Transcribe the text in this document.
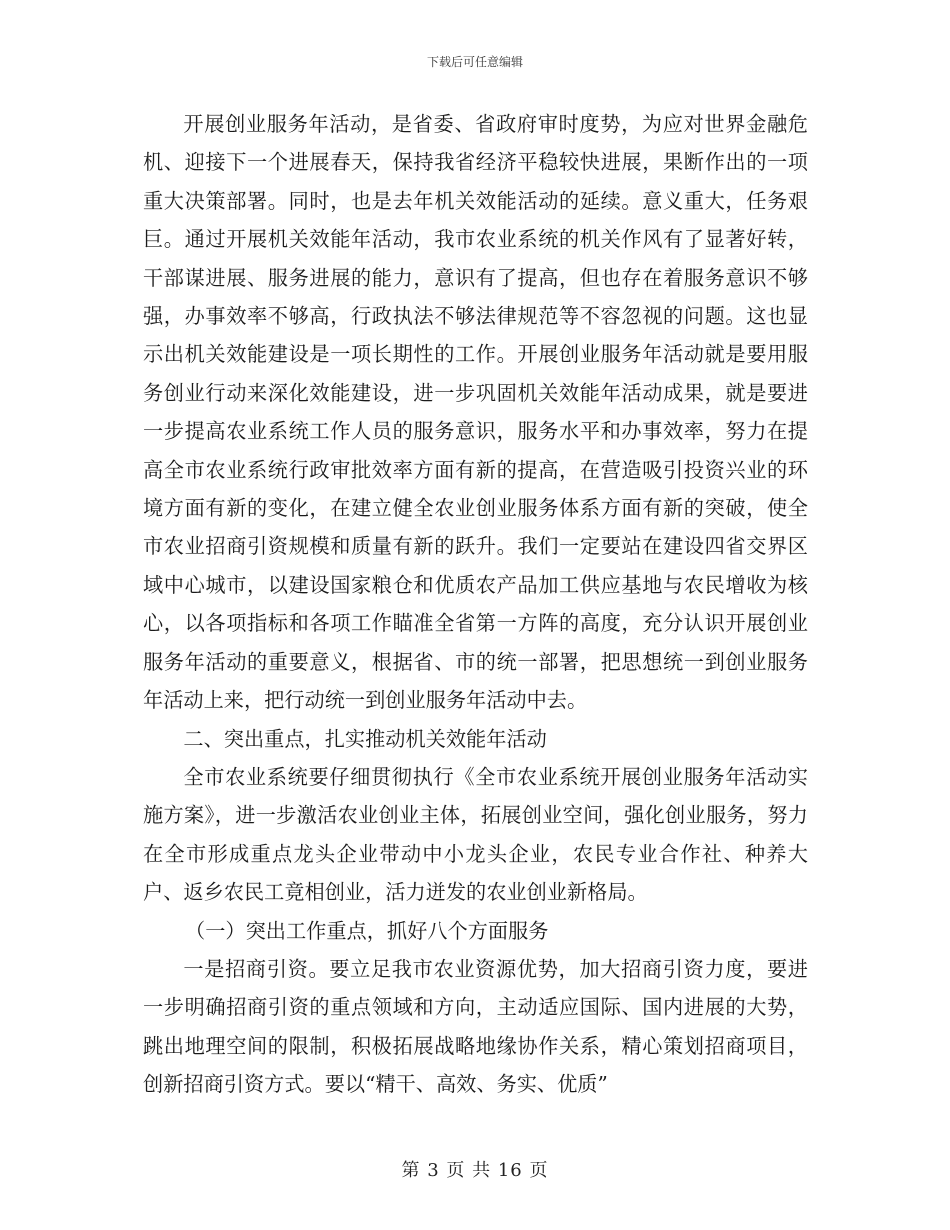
下载后可任意编辑

开展创业服务年活动，是省委、省政府审时度势，为应对世界金融危机、迎接下一个进展春天，保持我省经济平稳较快进展，果断作出的一项重大决策部署。同时，也是去年机关效能活动的延续。意义重大，任务艰巨。通过开展机关效能年活动，我市农业系统的机关作风有了显著好转，干部谋进展、服务进展的能力，意识有了提高，但也存在着服务意识不够强，办事效率不够高，行政执法不够法律规范等不容忽视的问题。这也显示出机关效能建设是一项长期性的工作。开展创业服务年活动就是要用服务创业行动来深化效能建设，进一步巩固机关效能年活动成果，就是要进一步提高农业系统工作人员的服务意识，服务水平和办事效率，努力在提高全市农业系统行政审批效率方面有新的提高，在营造吸引投资兴业的环境方面有新的变化，在建立健全农业创业服务体系方面有新的突破，使全市农业招商引资规模和质量有新的跃升。我们一定要站在建设四省交界区域中心城市，以建设国家粮仓和优质农产品加工供应基地与农民增收为核心，以各项指标和各项工作瞄准全省第一方阵的高度，充分认识开展创业服务年活动的重要意义，根据省、市的统一部署，把思想统一到创业服务年活动上来，把行动统一到创业服务年活动中去。

二、突出重点，扎实推动机关效能年活动

全市农业系统要仔细贯彻执行《全市农业系统开展创业服务年活动实施方案》，进一步激活农业创业主体，拓展创业空间，强化创业服务，努力在全市形成重点龙头企业带动中小龙头企业，农民专业合作社、种养大户、返乡农民工竟相创业，活力迸发的农业创业新格局。

（一）突出工作重点，抓好八个方面服务

一是招商引资。要立足我市农业资源优势，加大招商引资力度，要进一步明确招商引资的重点领域和方向，主动适应国际、国内进展的大势，跳出地理空间的限制，积极拓展战略地缘协作关系，精心策划招商项目，创新招商引资方式。要以“精干、高效、务实、优质”

第 3 页 共 16 页
